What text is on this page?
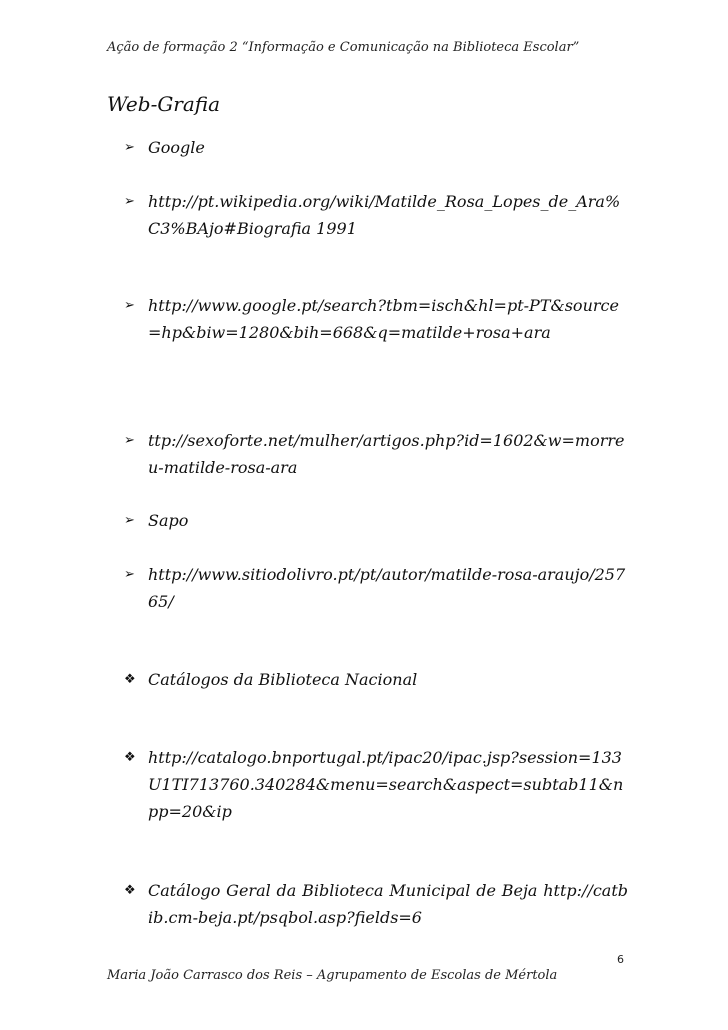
Ação de formação 2 “Informação e Comunicação na Biblioteca Escolar”
Web-Grafia
➢ Google
➢ http://pt.wikipedia.org/wiki/Matilde_Rosa_Lopes_de_Ara%C3%BAjo#Biografia 1991
➢ http://www.google.pt/search?tbm=isch&hl=pt-PT&source=hp&biw=1280&bih=668&q=matilde+rosa+ara
➢ ttp://sexoforte.net/mulher/artigos.php?id=1602&w=morreu-matilde-rosa-ara
➢ Sapo
➢ http://www.sitiodolivro.pt/pt/autor/matilde-rosa-araujo/25765/
❖ Catálogos da Biblioteca Nacional
❖ http://catalogo.bnportugal.pt/ipac20/ipac.jsp?session=133U1TI713760.340284&menu=search&aspect=subtab11&npp=20&ip
❖ Catálogo Geral da Biblioteca Municipal de Beja http://catbib.cm-beja.pt/psqbol.asp?fields=6
6
Maria João Carrasco dos Reis – Agrupamento de Escolas de Mértola
